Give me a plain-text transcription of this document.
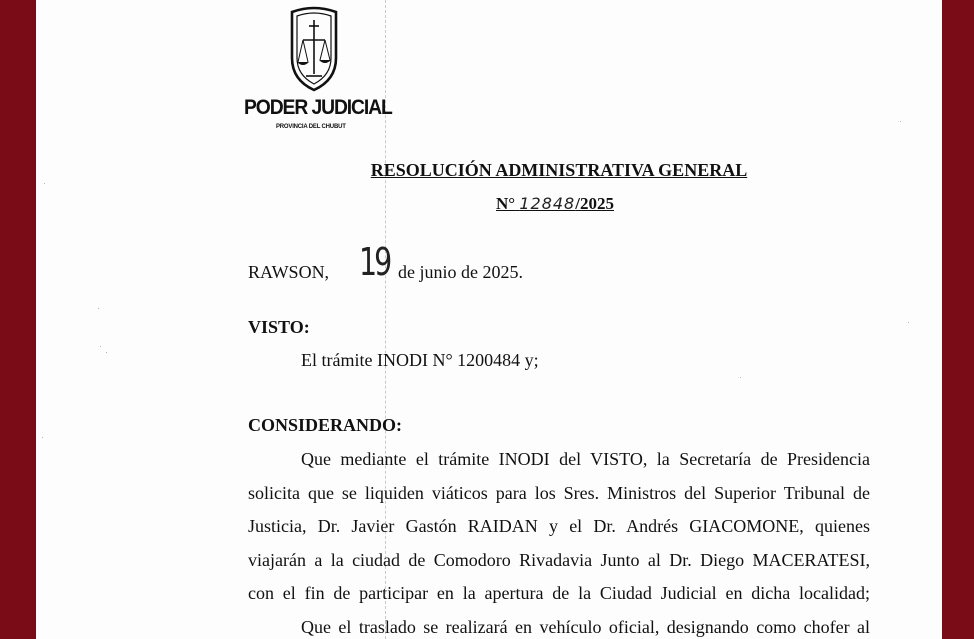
PODER JUDICIAL
PROVINCIA DEL CHUBUT
RESOLUCIÓN ADMINISTRATIVA GENERAL
N° 12848/2025
RAWSON, 19 de junio de 2025.
VISTO:
El trámite INODI N° 1200484 y;
CONSIDERANDO:
Que mediante el trámite INODI del VISTO, la Secretaría de Presidencia
solicita que se liquiden viáticos para los Sres. Ministros del Superior Tribunal de
Justicia, Dr. Javier Gastón RAIDAN y el Dr. Andrés GIACOMONE, quienes
viajarán a la ciudad de Comodoro Rivadavia Junto al Dr. Diego MACERATESI,
con el fin de participar en la apertura de la Ciudad Judicial en dicha localidad;
Que el traslado se realizará en vehículo oficial, designando como chofer al
